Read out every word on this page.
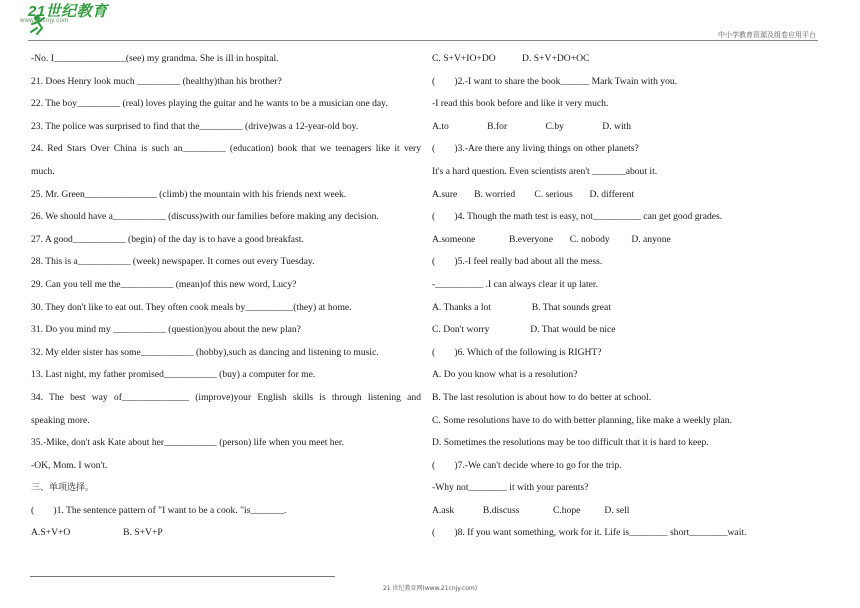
21世纪教育
www.21cnjy.com
中小学教育资源及组卷应用平台
-No. I_______________(see) my grandma. She is ill in hospital.
21. Does Henry look much _________ (healthy)than his brother?
22. The boy_________ (real) loves playing the guitar and he wants to be a musician one day.
23. The police was surprised to find that the_________ (drive)was a 12-year-old boy.
24. Red Stars Over China is such an_________ (education) book that we teenagers like it very
much.
25. Mr. Green_______________ (climb) the mountain with his friends next week.
26. We should have a___________ (discuss)with our families before making any decision.
27. A good___________ (begin) of the day is to have a good breakfast.
28. This is a___________ (week) newspaper. It comes out every Tuesday.
29. Can you tell me the___________ (mean)of this new word, Lucy?
30. They don't like to eat out. They often cook meals by__________(they) at home.
31. Do you mind my ___________ (question)you about the new plan?
32. My elder sister has some___________ (hobby),such as dancing and listening to music.
13. Last night, my father promised___________ (buy) a computer for me.
34. The best way of______________ (improve)your English skills is through listening and
speaking more.
35.-Mike, don't ask Kate about her___________ (person) life when you meet her.
-OK, Mom. I won't.
三、单项选择。
(        )1. The sentence pattern of "I want to be a cook. "is_______.
A.S+V+O                      B. S+V+P
C. S+V+IO+DO           D. S+V+DO+OC
(        )2.-I want to share the book______ Mark Twain with you.
-I read this book before and like it very much.
A.to                B.for                C.by                D. with
(        )3.-Are there any living things on other planets?
It's a hard question. Even scientists aren't _______about it.
A.sure       B. worried        C. serious       D. different
(        )4. Though the math test is easy, not__________ can get good grades.
A.someone              B.everyone       C. nobody         D. anyone
(        )5.-I feel really bad about all the mess.
-__________ .I can always clear it up later.
A. Thanks a lot                 B. That sounds great
C. Don't worry                 D. That would be nice
(        )6. Which of the following is RIGHT?
A. Do you know what is a resolution?
B. The last resolution is about how to do better at school.
C. Some resolutions have to do with better planning, like make a weekly plan.
D. Sometimes the resolutions may be too difficult that it is hard to keep.
(        )7.-We can't decide where to go for the trip.
-Why not________ it with your parents?
A.ask            B.discuss              C.hope          D. sell
(        )8. If you want something, work for it. Life is________ short________wait.
21 世纪教育网(www.21cnjy.com)
